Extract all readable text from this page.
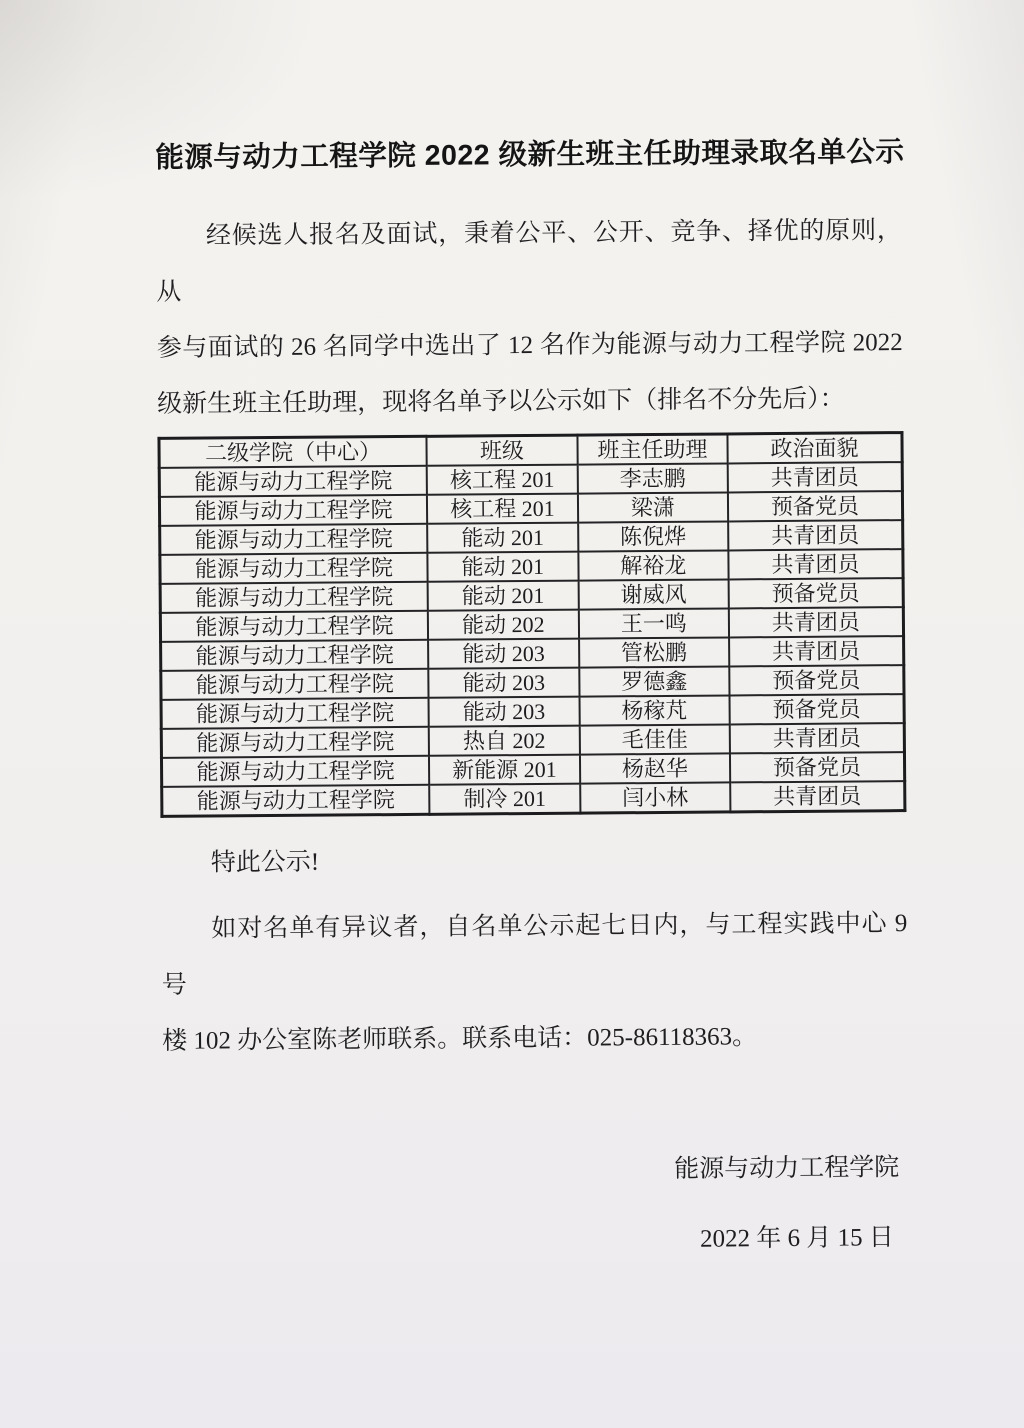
能源与动力工程学院 2022 级新生班主任助理录取名单公示
经候选人报名及面试，秉着公平、公开、竞争、择优的原则，从
参与面试的 26 名同学中选出了 12 名作为能源与动力工程学院 2022
级新生班主任助理，现将名单予以公示如下（排名不分先后）：
二级学院（中心）	班级	班主任助理	政治面貌
能源与动力工程学院	核工程 201	李志鹏	共青团员
能源与动力工程学院	核工程 201	梁潇	预备党员
能源与动力工程学院	能动 201	陈倪烨	共青团员
能源与动力工程学院	能动 201	解裕龙	共青团员
能源与动力工程学院	能动 201	谢威风	预备党员
能源与动力工程学院	能动 202	王一鸣	共青团员
能源与动力工程学院	能动 203	管松鹏	共青团员
能源与动力工程学院	能动 203	罗德鑫	预备党员
能源与动力工程学院	能动 203	杨稼芃	预备党员
能源与动力工程学院	热自 202	毛佳佳	共青团员
能源与动力工程学院	新能源 201	杨赵华	预备党员
能源与动力工程学院	制冷 201	闫小林	共青团员
特此公示!
如对名单有异议者，自名单公示起七日内，与工程实践中心 9 号
楼 102 办公室陈老师联系。联系电话：025-86118363。
能源与动力工程学院
2022 年 6 月 15 日
